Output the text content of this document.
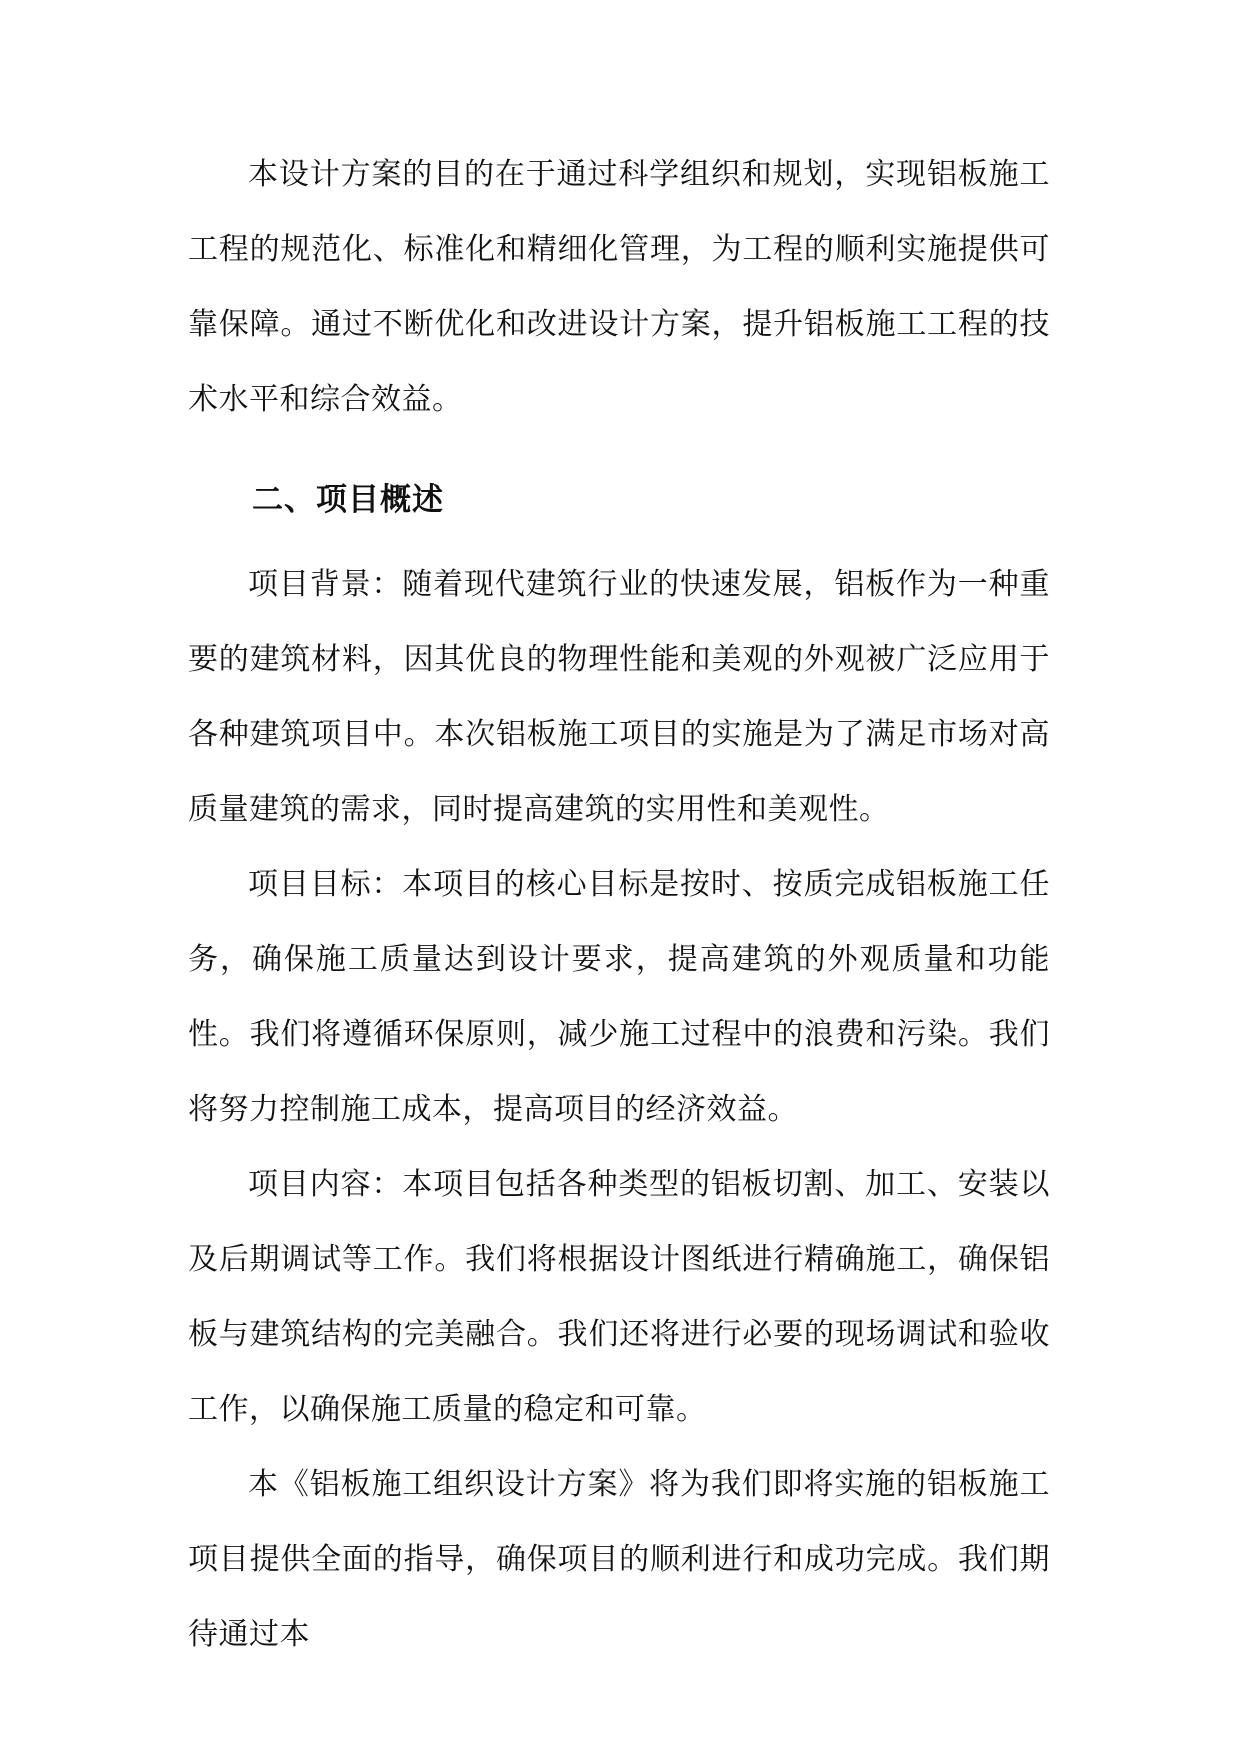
本设计方案的目的在于通过科学组织和规划，实现铝板施工工程的规范化、标准化和精细化管理，为工程的顺利实施提供可靠保障。通过不断优化和改进设计方案，提升铝板施工工程的技术水平和综合效益。

二、项目概述

项目背景：随着现代建筑行业的快速发展，铝板作为一种重要的建筑材料，因其优良的物理性能和美观的外观被广泛应用于各种建筑项目中。本次铝板施工项目的实施是为了满足市场对高质量建筑的需求，同时提高建筑的实用性和美观性。

项目目标：本项目的核心目标是按时、按质完成铝板施工任务，确保施工质量达到设计要求，提高建筑的外观质量和功能性。我们将遵循环保原则，减少施工过程中的浪费和污染。我们将努力控制施工成本，提高项目的经济效益。

项目内容：本项目包括各种类型的铝板切割、加工、安装以及后期调试等工作。我们将根据设计图纸进行精确施工，确保铝板与建筑结构的完美融合。我们还将进行必要的现场调试和验收工作，以确保施工质量的稳定和可靠。

本《铝板施工组织设计方案》将为我们即将实施的铝板施工项目提供全面的指导，确保项目的顺利进行和成功完成。我们期待通过本
